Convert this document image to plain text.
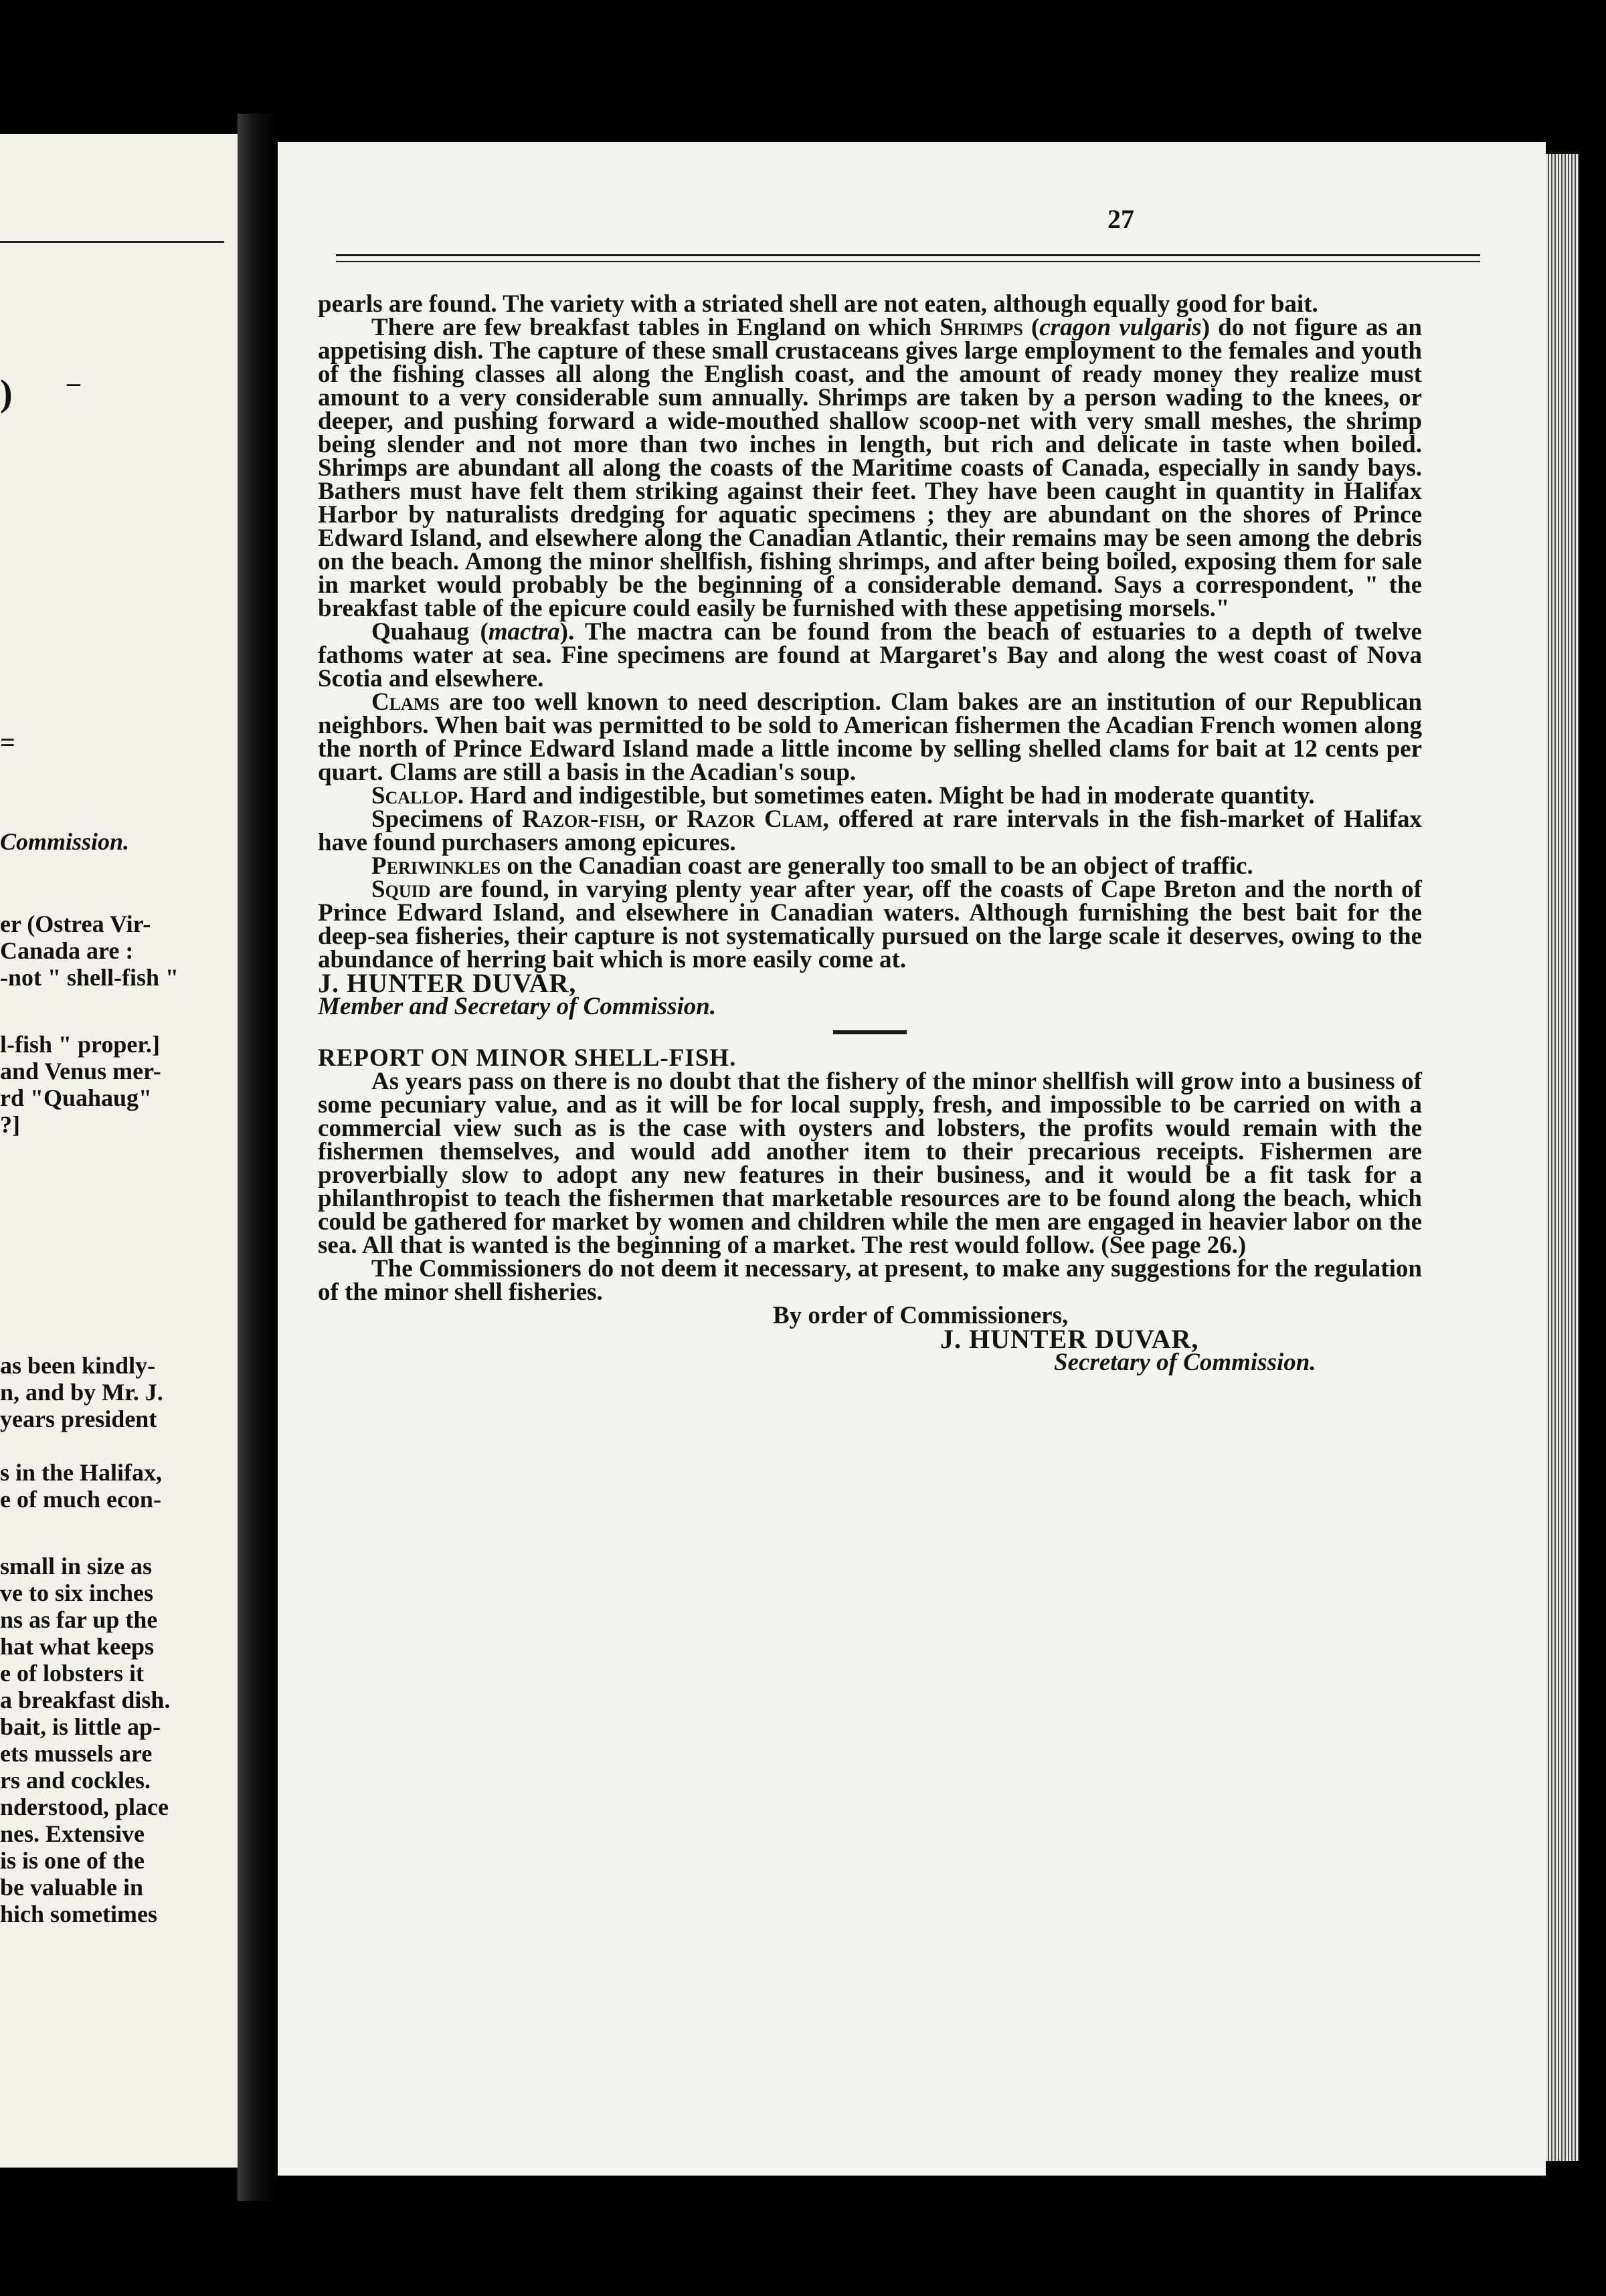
) –
=
Commission.
er (Ostrea Vir-
Canada are :
-not " shell-fish "
l-fish " proper.]
and Venus mer-
rd "Quahaug"
?]
as been kindly-
n, and by Mr. J.
years president
s in the Halifax,
e of much econ-
small in size as
ve to six inches
ns as far up the
hat what keeps
e of lobsters it
a breakfast dish.
bait, is little ap-
ets mussels are
rs and cockles.
nderstood, place
nes. Extensive
is is one of the
be valuable in
hich sometimes
27

pearls are found. The variety with a striated shell are not eaten, although equally good for bait.

There are few breakfast tables in England on which Shrimps (cragon vulgaris) do not figure as an appetising dish. The capture of these small crustaceans gives large employment to the females and youth of the fishing classes all along the English coast, and the amount of ready money they realize must amount to a very considerable sum annually. Shrimps are taken by a person wading to the knees, or deeper, and pushing forward a wide-mouthed shallow scoop-net with very small meshes, the shrimp being slender and not more than two inches in length, but rich and delicate in taste when boiled. Shrimps are abundant all along the coasts of the Maritime coasts of Canada, especially in sandy bays. Bathers must have felt them striking against their feet. They have been caught in quantity in Halifax Harbor by naturalists dredging for aquatic specimens ; they are abundant on the shores of Prince Edward Island, and elsewhere along the Canadian Atlantic, their remains may be seen among the debris on the beach. Among the minor shellfish, fishing shrimps, and after being boiled, exposing them for sale in market would probably be the beginning of a considerable demand. Says a correspondent, " the breakfast table of the epicure could easily be furnished with these appetising morsels."

Quahaug (mactra). The mactra can be found from the beach of estuaries to a depth of twelve fathoms water at sea. Fine specimens are found at Margaret's Bay and along the west coast of Nova Scotia and elsewhere.

Clams are too well known to need description. Clam bakes are an institution of our Republican neighbors. When bait was permitted to be sold to American fishermen the Acadian French women along the north of Prince Edward Island made a little income by selling shelled clams for bait at 12 cents per quart. Clams are still a basis in the Acadian's soup.

Scallop. Hard and indigestible, but sometimes eaten. Might be had in moderate quantity.

Specimens of Razor-fish, or Razor Clam, offered at rare intervals in the fish-market of Halifax have found purchasers among epicures.

Periwinkles on the Canadian coast are generally too small to be an object of traffic.

Squid are found, in varying plenty year after year, off the coasts of Cape Breton and the north of Prince Edward Island, and elsewhere in Canadian waters. Although furnishing the best bait for the deep-sea fisheries, their capture is not systematically pursued on the large scale it deserves, owing to the abundance of herring bait which is more easily come at.

J. HUNTER DUVAR,

Member and Secretary of Commission.

REPORT ON MINOR SHELL-FISH.

As years pass on there is no doubt that the fishery of the minor shellfish will grow into a business of some pecuniary value, and as it will be for local supply, fresh, and impossible to be carried on with a commercial view such as is the case with oysters and lobsters, the profits would remain with the fishermen themselves, and would add another item to their precarious receipts. Fishermen are proverbially slow to adopt any new features in their business, and it would be a fit task for a philanthropist to teach the fishermen that marketable resources are to be found along the beach, which could be gathered for market by women and children while the men are engaged in heavier labor on the sea. All that is wanted is the beginning of a market. The rest would follow. (See page 26.)

The Commissioners do not deem it necessary, at present, to make any suggestions for the regulation of the minor shell fisheries.

By order of Commissioners,

J. HUNTER DUVAR,

Secretary of Commission.
